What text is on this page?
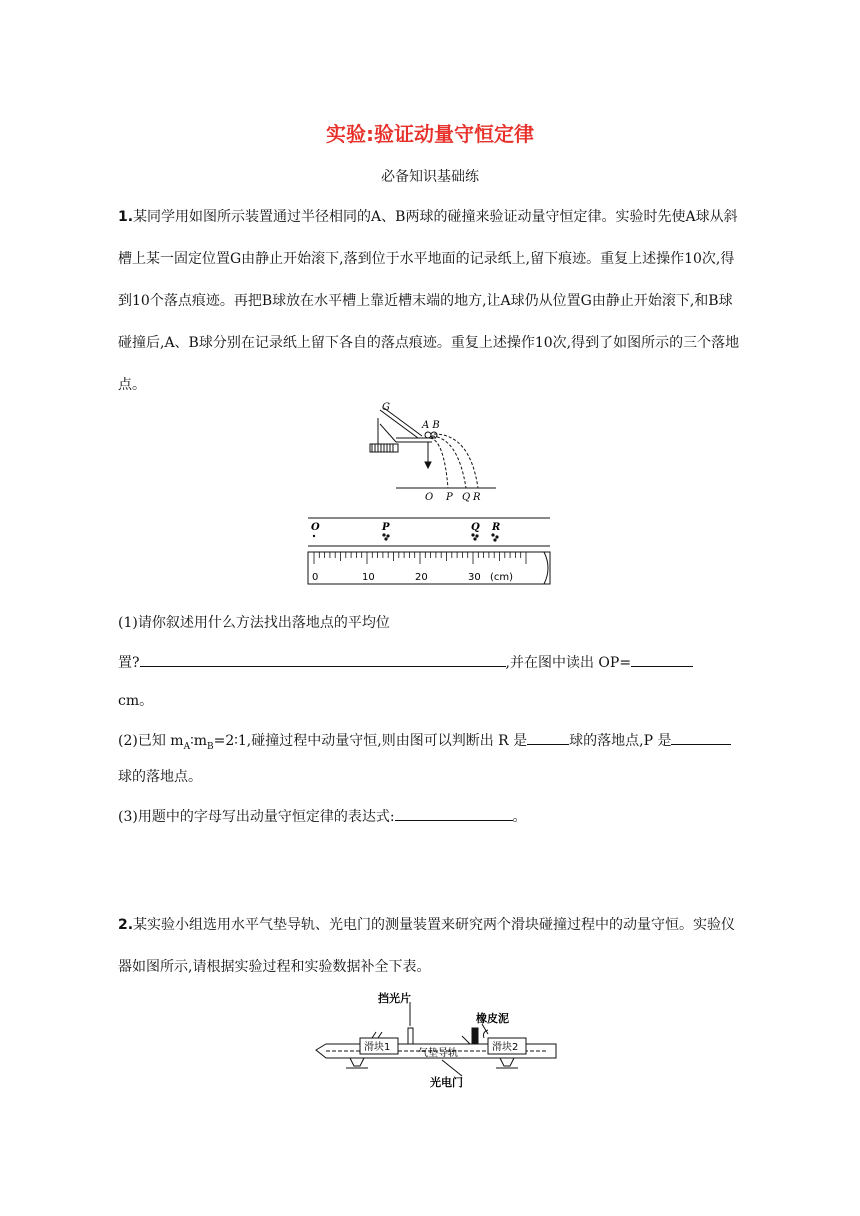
实验:验证动量守恒定律
必备知识基础练
1.某同学用如图所示装置通过半径相同的A、B两球的碰撞来验证动量守恒定律。实验时先使A球从斜槽上某一固定位置G由静止开始滚下,落到位于水平地面的记录纸上,留下痕迹。重复上述操作10次,得到10个落点痕迹。再把B球放在水平槽上靠近槽末端的地方,让A球仍从位置G由静止开始滚下,和B球碰撞后,A、B球分别在记录纸上留下各自的落点痕迹。重复上述操作10次,得到了如图所示的三个落地点。
G
A B
O P Q R
O	P	Q R
0	10	20	30 (cm)
(1)请你叙述用什么方法找出落地点的平均位
置?	,并在图中读出 OP=
cm。
(2)已知 $m_A∶m_B=2∶1$,碰撞过程中动量守恒,则由图可以判断出 R 是	球的落地点,P 是
球的落地点。
(3)用题中的字母写出动量守恒定律的表达式:	。
2.某实验小组选用水平气垫导轨、光电门的测量装置来研究两个滑块碰撞过程中的动量守恒。实验仪器如图所示,请根据实验过程和实验数据补全下表。
挡光片
橡皮泥
滑块1	滑块2
气垫导轨
光电门
